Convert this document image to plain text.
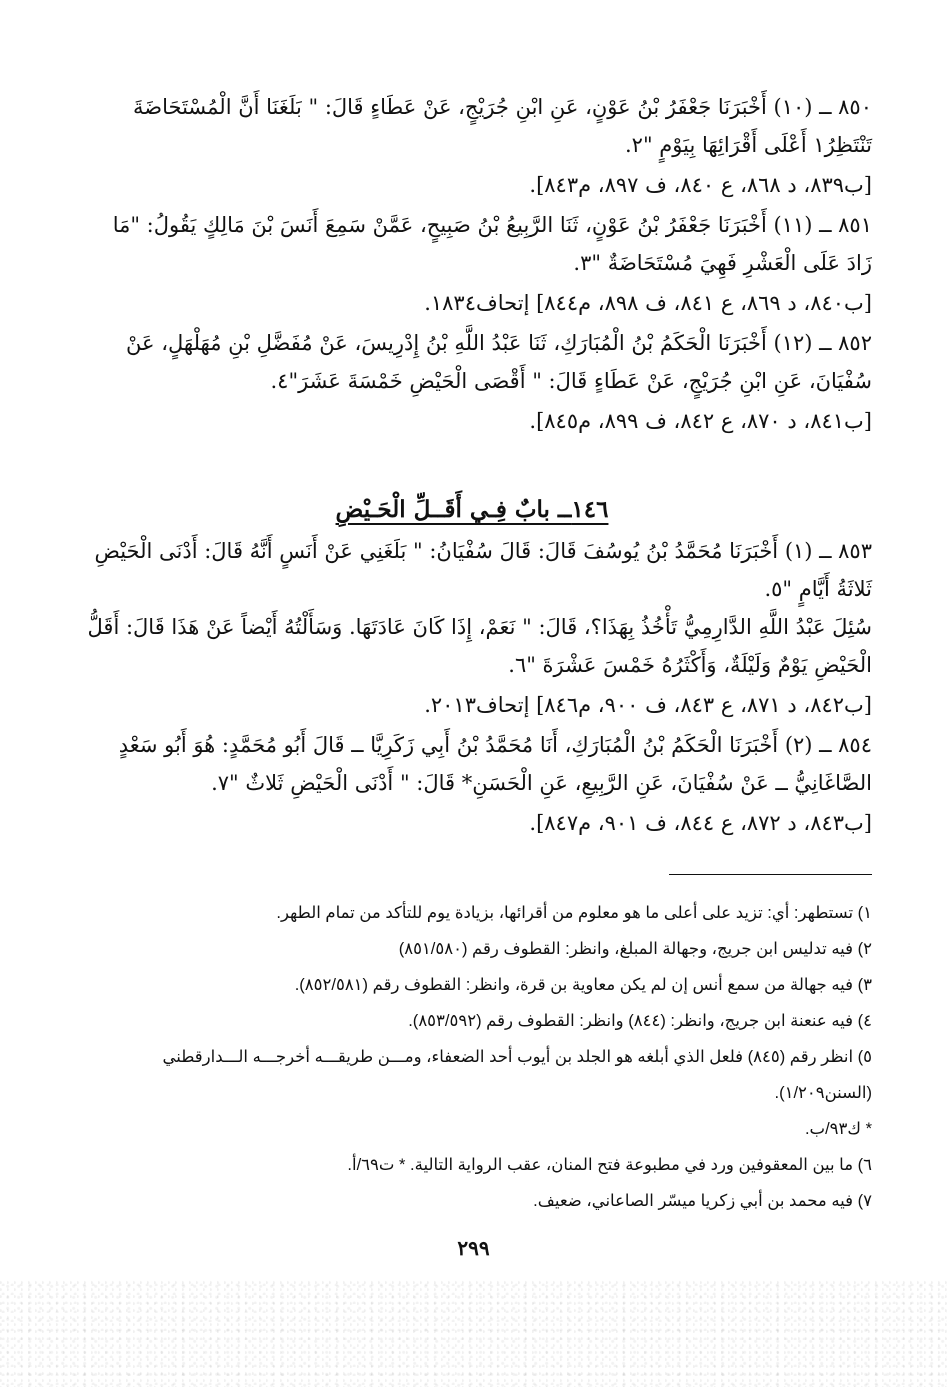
٨٥٠ ــ (١٠) أَخْبَرَنَا جَعْفَرُ بْنُ عَوْنٍ، عَنِ ابْنِ جُرَيْجٍ، عَنْ عَطَاءٍ قَالَ: " بَلَغَنَا أَنَّ الْمُسْتَحَاضَةَ

تَنْتَظِرُ١ أَعْلَى أَقْرَائِهَا بِيَوْمٍ "٢.

[ب٨٣٩، د ٨٦٨، ع ٨٤٠، ف ٨٩٧، م٨٤٣].

٨٥١ ــ (١١) أَخْبَرَنَا جَعْفَرُ بْنُ عَوْنٍ، ثَنَا الرَّبِيعُ بْنُ صَبِيحٍ، عَمَّنْ سَمِعَ أَنَسَ بْنَ مَالِكٍ يَقُولُ: "مَا

زَادَ عَلَى الْعَشْرِ فَهِيَ مُسْتَحَاضَةٌ "٣.

[ب٨٤٠، د ٨٦٩، ع ٨٤١، ف ٨٩٨، م٨٤٤] إتحاف١٨٣٤.

٨٥٢ ــ (١٢) أَخْبَرَنَا الْحَكَمُ بْنُ الْمُبَارَكِ، ثَنَا عَبْدُ اللَّهِ بْنُ إِدْرِيسَ، عَنْ مُفَضَّلِ بْنِ مُهَلْهَلٍ، عَنْ

سُفْيَانَ، عَنِ ابْنِ جُرَيْجٍ، عَنْ عَطَاءٍ قَالَ: " أَقْصَى الْحَيْضِ خَمْسَةَ عَشَرَ"٤.

[ب٨٤١، د ٨٧٠، ع ٨٤٢، ف ٨٩٩، م٨٤٥].

١٤٦ــ بابٌ فِـي أَقَــلِّ الْحَـيْضِ

٨٥٣ ــ (١) أَخْبَرَنَا مُحَمَّدُ بْنُ يُوسُفَ قَالَ: قَالَ سُفْيَانُ: " بَلَغَنِي عَنْ أَنَسٍ أَنَّهُ قَالَ: أَدْنَى الْحَيْضِ

ثَلاثَةُ أَيَّامٍ "٥.

سُئِلَ عَبْدُ اللَّهِ الدَّارِمِيُّ تَأْخُذُ بِهَذَا؟، قَالَ: " نَعَمْ، إِذَا كَانَ عَادَتَهَا. وَسَأَلْتُهُ أَيْضاً عَنْ هَذَا قَالَ: أَقَلُّ

الْحَيْضِ يَوْمٌ وَلَيْلَةٌ، وَأَكْثَرُهُ خَمْسَ عَشْرَةَ "٦.

[ب٨٤٢، د ٨٧١، ع ٨٤٣، ف ٩٠٠، م٨٤٦] إتحاف٢٠١٣.

٨٥٤ ــ (٢) أَخْبَرَنَا الْحَكَمُ بْنُ الْمُبَارَكِ، أَنَا مُحَمَّدُ بْنُ أَبِي زَكَرِيَّا ــ قَالَ أَبُو مُحَمَّدٍ: هُوَ أَبُو سَعْدٍ

الصَّاغَانِيُّ ــ عَنْ سُفْيَانَ، عَنِ الرَّبِيعِ، عَنِ الْحَسَنِ* قَالَ: " أَدْنَى الْحَيْضِ ثَلاثٌ "٧.

[ب٨٤٣، د ٨٧٢، ع ٨٤٤، ف ٩٠١، م٨٤٧].

١) تستطهر: أي: تزيد على أعلى ما هو معلوم من أقرائها، بزيادة يوم للتأكد من تمام الطهر.

٢) فيه تدليس ابن جريج، وجهالة المبلغ، وانظر: القطوف رقم (٨٥١/٥٨٠)

٣) فيه جهالة من سمع أنس إن لم يكن معاوية بن قرة، وانظر: القطوف رقم (٨٥٢/٥٨١).

٤) فيه عنعنة ابن جريج، وانظر: (٨٤٤) وانظر: القطوف رقم (٨٥٣/٥٩٢).

٥) انظر رقم (٨٤٥) فلعل الذي أبلغه هو الجلد بن أيوب أحد الضعفاء، ومـــن طريقـــه أخرجـــه الـــدارقطني

(السنن١/٢٠٩).

* ك٩٣/ب.

٦) ما بين المعقوفين ورد في مطبوعة فتح المنان، عقب الرواية التالية. * ت٦٩/أ.

٧) فيه محمد بن أبي زكريا ميسّر الصاعاني، ضعيف.

٢٩٩
